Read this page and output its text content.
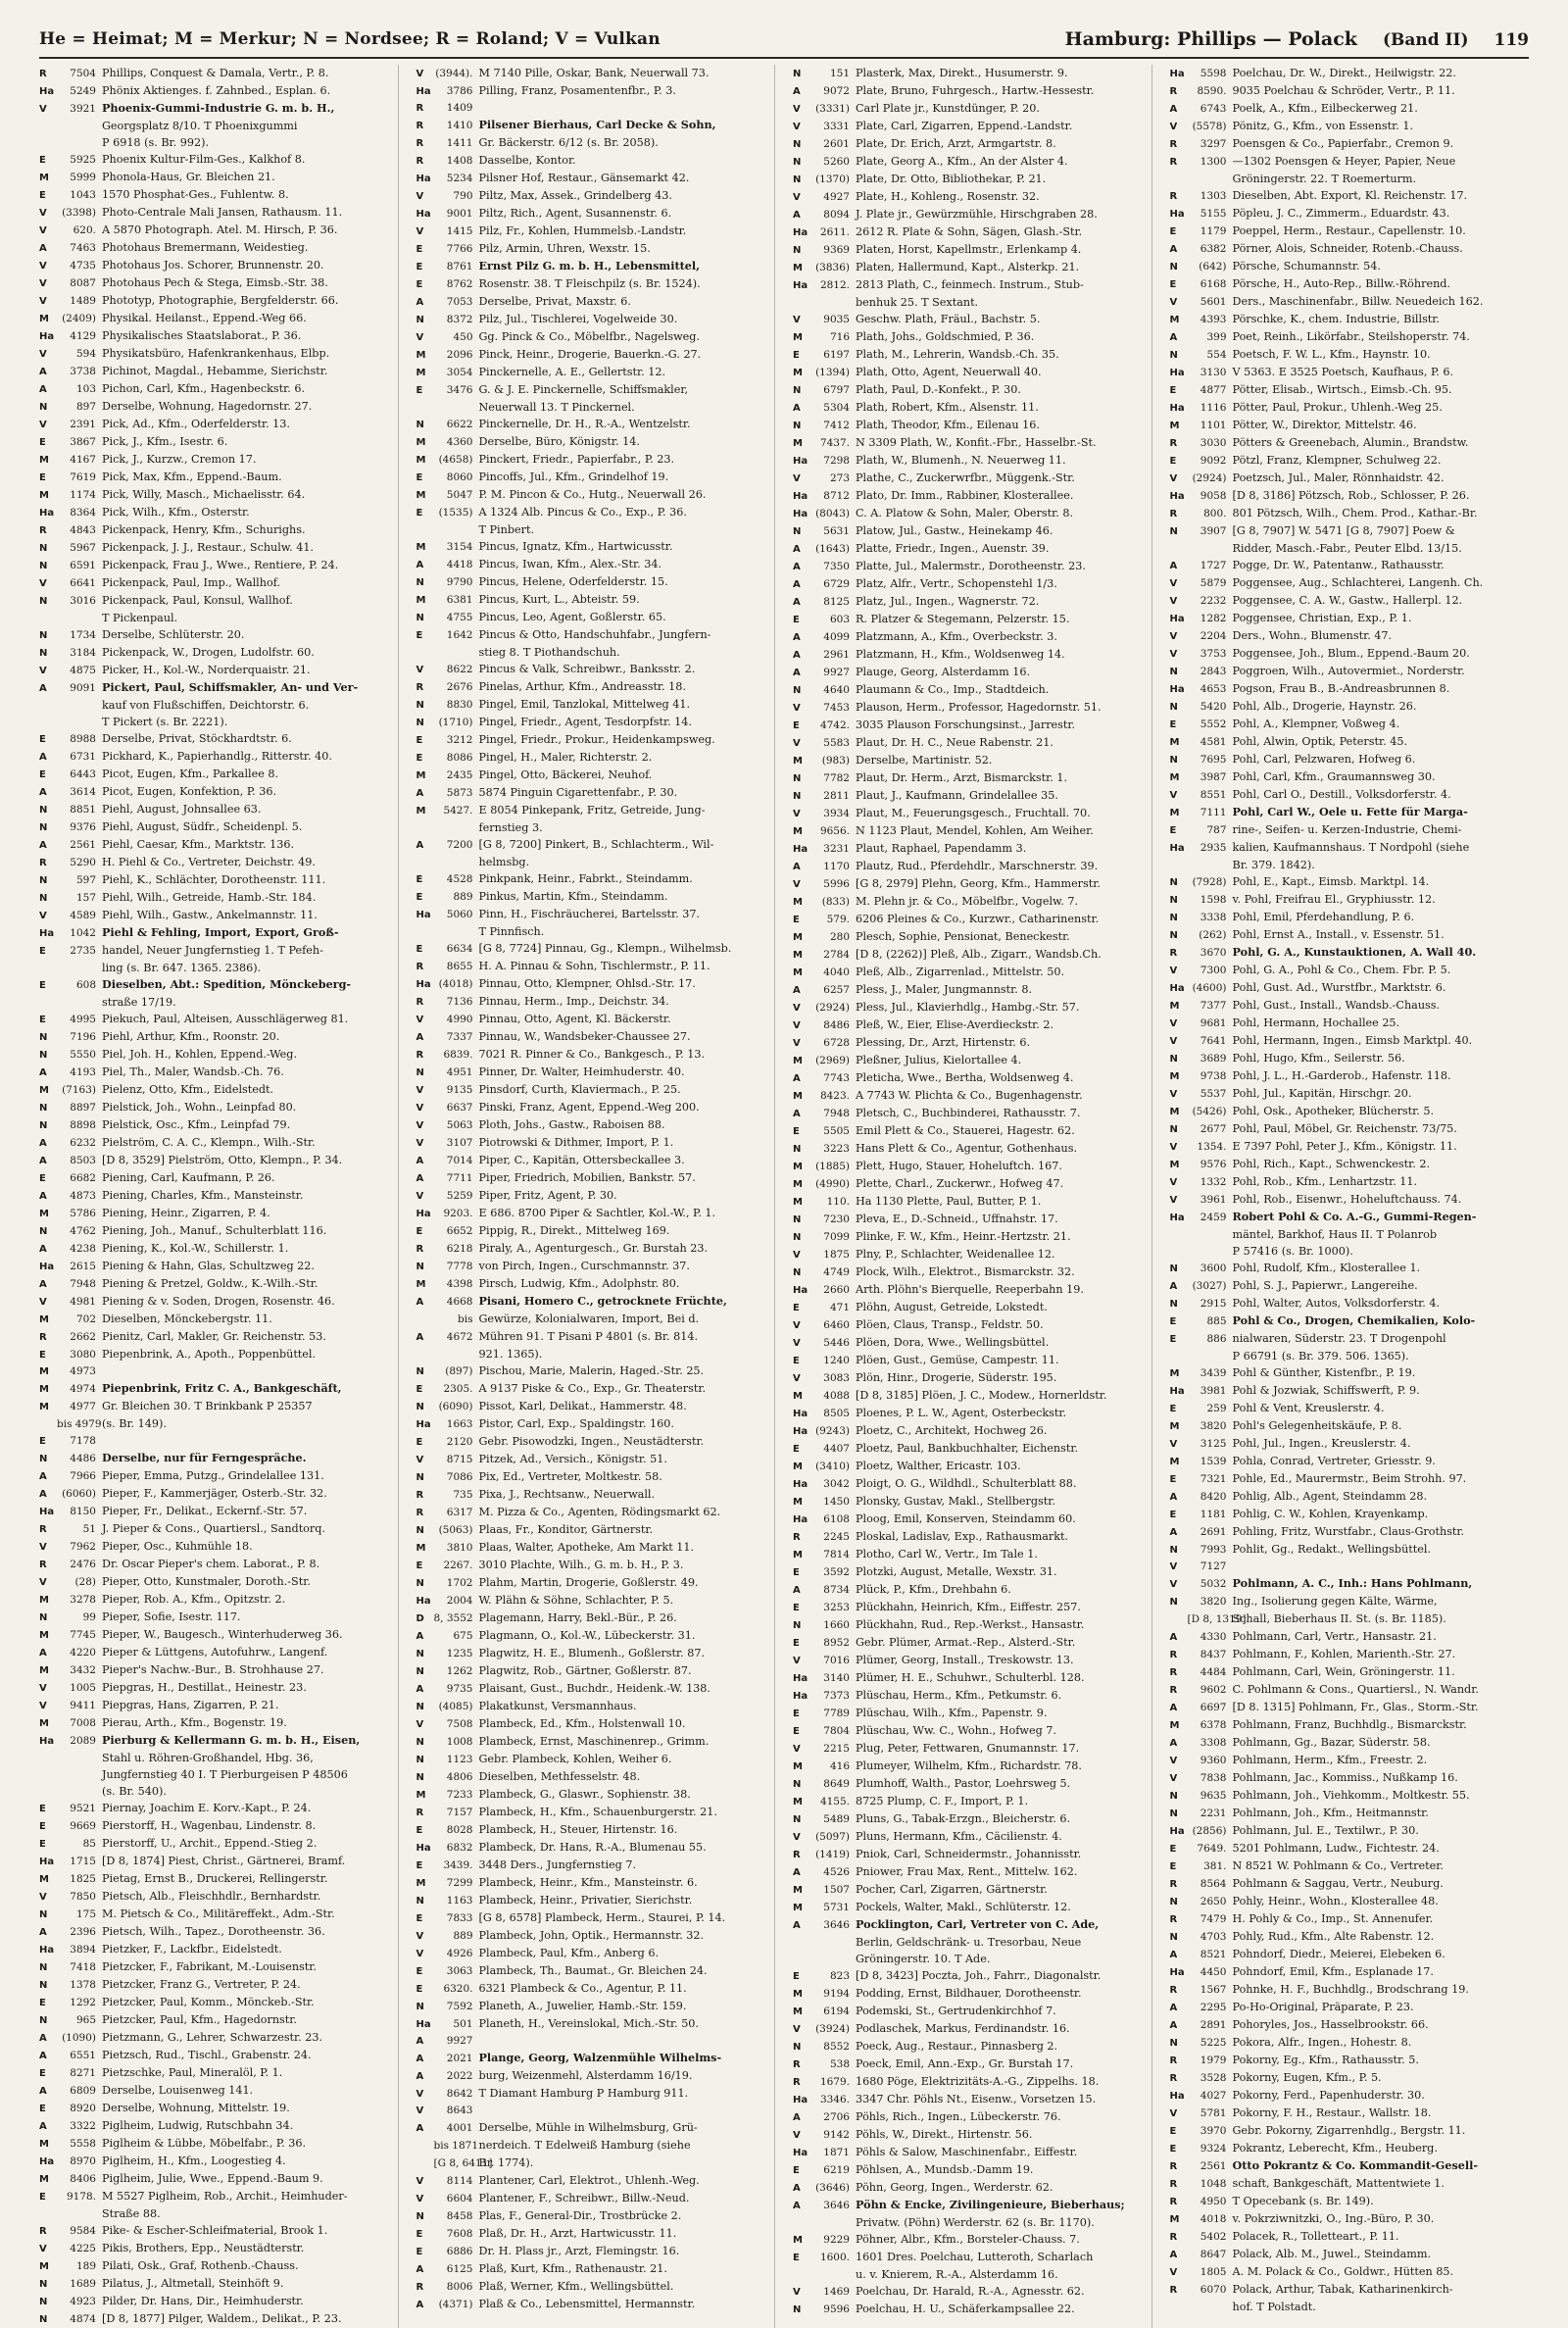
He = Heimat; M = Merkur; N = Nordsee; R = Roland; V = Vulkan	Hamburg: Phillips — Polack (Band II) 119
R	7504 Phillips, Conquest & Damala, Vertr., P. 8.
Ha	5249 Phönix Aktienges. f. Zahnbed., Esplan. 6.
V	3921 Phoenix-Gummi-Industrie G. m. b. H.,
Georgsplatz 8/10. T Phoenixgummi
P 6918 (s. Br. 992).
E	5925 Phoenix Kultur-Film-Ges., Kalkhof 8.
M	5999 Phonola-Haus, Gr. Bleichen 21.
E	1043 1570 Phosphat-Ges., Fuhlentw. 8.
V	(3398) Photo-Centrale Mali Jansen, Rathausm. 11.
V	620. A 5870 Photograph. Atel. M. Hirsch, P. 36.
A	7463 Photohaus Bremermann, Weidestieg.
V	4735 Photohaus Jos. Schorer, Brunnenstr. 20.
V	8087 Photohaus Pech & Stega, Eimsb.-Str. 38.
V	1489 Phototyp, Photographie, Bergfelderstr. 66.
M	(2409) Physikal. Heilanst., Eppend.-Weg 66.
Ha	4129 Physikalisches Staatslaborat., P. 36.
V	594 Physikatsbüro, Hafenkrankenhaus, Elbp.
A	3738 Pichinot, Magdal., Hebamme, Sierichstr.
A	103 Pichon, Carl, Kfm., Hagenbeckstr. 6.
N	897 Derselbe, Wohnung, Hagedornstr. 27.
V	2391 Pick, Ad., Kfm., Oderfelderstr. 13.
E	3867 Pick, J., Kfm., Isestr. 6.
M	4167 Pick, J., Kurzw., Cremon 17.
E	7619 Pick, Max, Kfm., Eppend.-Baum.
M	1174 Pick, Willy, Masch., Michaelisstr. 64.
Ha	8364 Pick, Wilh., Kfm., Osterstr.
R	4843 Pickenpack, Henry, Kfm., Schurighs.
N	5967 Pickenpack, J. J., Restaur., Schulw. 41.
N	6591 Pickenpack, Frau J., Wwe., Rentiere, P. 24.
V	6641 Pickenpack, Paul, Imp., Wallhof.
N	3016 Pickenpack, Paul, Konsul, Wallhof.
T Pickenpaul.
N	1734 Derselbe, Schlüterstr. 20.
N	3184 Pickenpack, W., Drogen, Ludolfstr. 60.
V	4875 Picker, H., Kol.-W., Norderquaistr. 21.
A	9091 Pickert, Paul, Schiffsmakler, An- und Ver-
kauf von Flußschiffen, Deichtorstr. 6.
T Pickert (s. Br. 2221).
E	8988 Derselbe, Privat, Stöckhardtstr. 6.
A	6731 Pickhard, K., Papierhandlg., Ritterstr. 40.
E	6443 Picot, Eugen, Kfm., Parkallee 8.
A	3614 Picot, Eugen, Konfektion, P. 36.
N	8851 Piehl, August, Johnsallee 63.
N	9376 Piehl, August, Südfr., Scheidenpl. 5.
A	2561 Piehl, Caesar, Kfm., Marktstr. 136.
R	5290 H. Piehl & Co., Vertreter, Deichstr. 49.
N	597 Piehl, K., Schlächter, Dorotheenstr. 111.
N	157 Piehl, Wilh., Getreide, Hamb.-Str. 184.
V	4589 Piehl, Wilh., Gastw., Ankelmannstr. 11.
Ha	1042 Piehl & Fehling, Import, Export, Groß-
E	2735 handel, Neuer Jungfernstieg 1. T Pefeh-
ling (s. Br. 647. 1365. 2386).
E	608 Dieselben, Abt.: Spedition, Mönckeberg-
straße 17/19.
E	4995 Piekuch, Paul, Alteisen, Ausschlägerweg 81.
N	7196 Piehl, Arthur, Kfm., Roonstr. 20.
N	5550 Piel, Joh. H., Kohlen, Eppend.-Weg.
A	4193 Piel, Th., Maler, Wandsb.-Ch. 76.
M	(7163) Pielenz, Otto, Kfm., Eidelstedt.
N	8897 Pielstick, Joh., Wohn., Leinpfad 80.
N	8898 Pielstick, Osc., Kfm., Leinpfad 79.
A	6232 Pielström, C. A. C., Klempn., Wilh.-Str.
A	8503 [D 8, 3529] Pielström, Otto, Klempn., P. 34.
E	6682 Piening, Carl, Kaufmann, P. 26.
A	4873 Piening, Charles, Kfm., Mansteinstr.
M	5786 Piening, Heinr., Zigarren, P. 4.
N	4762 Piening, Joh., Manuf., Schulterblatt 116.
A	4238 Piening, K., Kol.-W., Schillerstr. 1.
Ha	2615 Piening & Hahn, Glas, Schultzweg 22.
A	7948 Piening & Pretzel, Goldw., K.-Wilh.-Str.
V	4981 Piening & v. Soden, Drogen, Rosenstr. 46.
M	702 Dieselben, Mönckebergstr. 11.
R	2662 Pienitz, Carl, Makler, Gr. Reichenstr. 53.
E	3080 Piepenbrink, A., Apoth., Poppenbüttel.
M	4973
M	4974 Piepenbrink, Fritz C. A., Bankgeschäft,
M	4977 Gr. Bleichen 30. T Brinkbank P 25357
bis 4979 (s. Br. 149).
E	7178
N	4486 Derselbe, nur für Ferngespräche.
A	7966 Pieper, Emma, Putzg., Grindelallee 131.
A	(6060) Pieper, F., Kammerjäger, Osterb.-Str. 32.
Ha	8150 Pieper, Fr., Delikat., Eckernf.-Str. 57.
R	51 J. Pieper & Cons., Quartiersl., Sandtorq.
V	7962 Pieper, Osc., Kuhmühle 18.
R	2476 Dr. Oscar Pieper's chem. Laborat., P. 8.
V	(28) Pieper, Otto, Kunstmaler, Doroth.-Str.
M	3278 Pieper, Rob. A., Kfm., Opitzstr. 2.
N	99 Pieper, Sofie, Isestr. 117.
M	7745 Pieper, W., Baugesch., Winterhuderweg 36.
A	4220 Pieper & Lüttgens, Autofuhrw., Langenf.
M	3432 Pieper's Nachw.-Bur., B. Strohhause 27.
V	1005 Piepgras, H., Destillat., Heinestr. 23.
V	9411 Piepgras, Hans, Zigarren, P. 21.
M	7008 Pierau, Arth., Kfm., Bogenstr. 19.
Ha	2089 Pierburg & Kellermann G. m. b. H., Eisen,
Stahl u. Röhren-Großhandel, Hbg. 36,
Jungfernstieg 40 I. T Pierburgeisen P 48506
(s. Br. 540).
E	9521 Piernay, Joachim E. Korv.-Kapt., P. 24.
E	9669 Pierstorff, H., Wagenbau, Lindenstr. 8.
E	85 Pierstorff, U., Archit., Eppend.-Stieg 2.
Ha	1715 [D 8, 1874] Piest, Christ., Gärtnerei, Bramf.
M	1825 Pietag, Ernst B., Druckerei, Rellingerstr.
V	7850 Pietsch, Alb., Fleischhdlr., Bernhardstr.
N	175 M. Pietsch & Co., Militäreffekt., Adm.-Str.
A	2396 Pietsch, Wilh., Tapez., Dorotheenstr. 36.
Ha	3894 Pietzker, F., Lackfbr., Eidelstedt.
N	7418 Pietzcker, F., Fabrikant, M.-Louisenstr.
N	1378 Pietzcker, Franz G., Vertreter, P. 24.
E	1292 Pietzcker, Paul, Komm., Mönckeb.-Str.
N	965 Pietzcker, Paul, Kfm., Hagedornstr.
A	(1090) Pietzmann, G., Lehrer, Schwarzestr. 23.
A	6551 Pietzsch, Rud., Tischl., Grabenstr. 24.
E	8271 Pietzschke, Paul, Mineralöl, P. 1.
A	6809 Derselbe, Louisenweg 141.
E	8920 Derselbe, Wohnung, Mittelstr. 19.
A	3322 Piglheim, Ludwig, Rutschbahn 34.
M	5558 Piglheim & Lübbe, Möbelfabr., P. 36.
Ha	8970 Piglheim, H., Kfm., Loogestieg 4.
M	8406 Piglheim, Julie, Wwe., Eppend.-Baum 9.
E	9178. M 5527 Piglheim, Rob., Archit., Heimhuder-
Straße 88.
R	9584 Pike- & Escher-Schleifmaterial, Brook 1.
V	4225 Pikis, Brothers, Epp., Neustädterstr.
M	189 Pilati, Osk., Graf, Rothenb.-Chauss.
N	1689 Pilatus, J., Altmetall, Steinhöft 9.
N	4923 Pilder, Dr. Hans, Dir., Heimhuderstr.
N	4874 [D 8, 1877] Pilger, Waldem., Delikat., P. 23.
V	(3944). M 7140 Pille, Oskar, Bank, Neuerwall 73.
Ha	3786 Pilling, Franz, Posamentenfbr., P. 3.
R	1409
R	1410 Pilsener Bierhaus, Carl Decke & Sohn,
R	1411 Gr. Bäckerstr. 6/12 (s. Br. 2058).
R	1408 Dasselbe, Kontor.
Ha	5234 Pilsner Hof, Restaur., Gänsemarkt 42.
V	790 Piltz, Max, Assek., Grindelberg 43.
Ha	9001 Piltz, Rich., Agent, Susannenstr. 6.
V	1415 Pilz, Fr., Kohlen, Hummelsb.-Landstr.
E	7766 Pilz, Armin, Uhren, Wexstr. 15.
E	8761 Ernst Pilz G. m. b. H., Lebensmittel,
E	8762 Rosenstr. 38. T Fleischpilz (s. Br. 1524).
A	7053 Derselbe, Privat, Maxstr. 6.
N	8372 Pilz, Jul., Tischlerei, Vogelweide 30.
V	450 Gg. Pinck & Co., Möbelfbr., Nagelsweg.
M	2096 Pinck, Heinr., Drogerie, Bauerkn.-G. 27.
M	3054 Pinckernelle, A. E., Gellertstr. 12.
E	3476 G. & J. E. Pinckernelle, Schiffsmakler,
Neuerwall 13. T Pinckernel.
N	6622 Pinckernelle, Dr. H., R.-A., Wentzelstr.
M	4360 Derselbe, Büro, Königstr. 14.
M	(4658) Pinckert, Friedr., Papierfabr., P. 23.
E	8060 Pincoffs, Jul., Kfm., Grindelhof 19.
M	5047 P. M. Pincon & Co., Hutg., Neuerwall 26.
E	(1535) A 1324 Alb. Pincus & Co., Exp., P. 36.
T Pinbert.
M	3154 Pincus, Ignatz, Kfm., Hartwicusstr.
A	4418 Pincus, Iwan, Kfm., Alex.-Str. 34.
N	9790 Pincus, Helene, Oderfelderstr. 15.
M	6381 Pincus, Kurt, L., Abteistr. 59.
N	4755 Pincus, Leo, Agent, Goßlerstr. 65.
E	1642 Pincus & Otto, Handschuhfabr., Jungfern-
stieg 8. T Piothandschuh.
V	8622 Pincus & Valk, Schreibwr., Banksstr. 2.
R	2676 Pinelas, Arthur, Kfm., Andreasstr. 18.
N	8830 Pingel, Emil, Tanzlokal, Mittelweg 41.
N	(1710) Pingel, Friedr., Agent, Tesdorpfstr. 14.
E	3212 Pingel, Friedr., Prokur., Heidenkampsweg.
E	8086 Pingel, H., Maler, Richterstr. 2.
M	2435 Pingel, Otto, Bäckerei, Neuhof.
A	5873 5874 Pinguin Cigarettenfabr., P. 30.
M	5427. E 8054 Pinkepank, Fritz, Getreide, Jung-
fernstieg 3.
A	7200 [G 8, 7200] Pinkert, B., Schlachterm., Wil-
helmsbg.
E	4528 Pinkpank, Heinr., Fabrkt., Steindamm.
E	889 Pinkus, Martin, Kfm., Steindamm.
Ha	5060 Pinn, H., Fischräucherei, Bartelsstr. 37.
T Pinnfisch.
E	6634 [G 8, 7724] Pinnau, Gg., Klempn., Wilhelmsb.
R	8655 H. A. Pinnau & Sohn, Tischlermstr., P. 11.
Ha (4018) Pinnau, Otto, Klempner, Ohlsd.-Str. 17.
R	7136 Pinnau, Herm., Imp., Deichstr. 34.
V	4990 Pinnau, Otto, Agent, Kl. Bäckerstr.
A	7337 Pinnau, W., Wandsbeker-Chaussee 27.
R	6839. 7021 R. Pinner & Co., Bankgesch., P. 13.
N	4951 Pinner, Dr. Walter, Heimhuderstr. 40.
V	9135 Pinsdorf, Curth, Klaviermach., P. 25.
V	6637 Pinski, Franz, Agent, Eppend.-Weg 200.
V	5063 Ploth, Johs., Gastw., Raboisen 88.
V	3107 Piotrowski & Dithmer, Import, P. 1.
A	7014 Piper, C., Kapitän, Ottersbeckallee 3.
A	7711 Piper, Friedrich, Mobilien, Bankstr. 57.
V	5259 Piper, Fritz, Agent, P. 30.
Ha	9203. E 686. 8700 Piper & Sachtler, Kol.-W., P. 1.
E	6652 Pippig, R., Direkt., Mittelweg 169.
R	6218 Piraly, A., Agenturgesch., Gr. Burstah 23.
N	7778 von Pirch, Ingen., Curschmannstr. 37.
M	4398 Pirsch, Ludwig, Kfm., Adolphstr. 80.
A	4668 Pisani, Homero C., getrocknete Früchte,
bis Gewürze, Kolonialwaren, Import, Bei d.
A	4672 Mühren 91. T Pisani P 4801 (s. Br. 814.
921. 1365).
N	(897) Pischou, Marie, Malerin, Haged.-Str. 25.
E	2305. A 9137 Piske & Co., Exp., Gr. Theaterstr.
N	(6090) Pissot, Karl, Delikat., Hammerstr. 48.
Ha	1663 Pistor, Carl, Exp., Spaldingstr. 160.
E	2120 Gebr. Pisowodzki, Ingen., Neustädterstr.
V	8715 Pitzek, Ad., Versich., Königstr. 51.
N	7086 Pix, Ed., Vertreter, Moltkestr. 58.
R	735 Pixa, J., Rechtsanw., Neuerwall.
R	6317 M. Pizza & Co., Agenten, Rödingsmarkt 62.
N	(5063) Plaas, Fr., Konditor, Gärtnerstr.
M	3810 Plaas, Walter, Apotheke, Am Markt 11.
E	2267. 3010 Plachte, Wilh., G. m. b. H., P. 3.
N	1702 Plahm, Martin, Drogerie, Goßlerstr. 49.
Ha	2004 W. Plähn & Söhne, Schlachter, P. 5.
D 8, 3552 Plagemann, Harry, Bekl.-Bür., P. 26.
A	675 Plagmann, O., Kol.-W., Lübeckerstr. 31.
N	1235 Plagwitz, H. E., Blumenh., Goßlerstr. 87.
N	1262 Plagwitz, Rob., Gärtner, Goßlerstr. 87.
A	9735 Plaisant, Gust., Buchdr., Heidenk.-W. 138.
N	(4085) Plakatkunst, Versmannhaus.
V	7508 Plambeck, Ed., Kfm., Holstenwall 10.
N	1008 Plambeck, Ernst, Maschinenrep., Grimm.
N	1123 Gebr. Plambeck, Kohlen, Weiher 6.
N	4806 Dieselben, Methfesselstr. 48.
M	7233 Plambeck, G., Glaswr., Sophienstr. 38.
R	7157 Plambeck, H., Kfm., Schauenburgerstr. 21.
E	8028 Plambeck, H., Steuer, Hirtenstr. 16.
Ha	6832 Plambeck, Dr. Hans, R.-A., Blumenau 55.
E	3439. 3448 Ders., Jungfernstieg 7.
M	7299 Plambeck, Heinr., Kfm., Mansteinstr. 6.
N	1163 Plambeck, Heinr., Privatier, Sierichstr.
E	7833 [G 8, 6578] Plambeck, Herm., Staurei, P. 14.
V	889 Plambeck, John, Optik., Hermannstr. 32.
V	4926 Plambeck, Paul, Kfm., Anberg 6.
E	3063 Plambeck, Th., Baumat., Gr. Bleichen 24.
E	6320. 6321 Plambeck & Co., Agentur, P. 11.
N	7592 Planeth, A., Juwelier, Hamb.-Str. 159.
Ha	501 Planeth, H., Vereinslokal, Mich.-Str. 50.
A	9927
A	2021 Plange, Georg, Walzenmühle Wilhelms-
A	2022 burg, Weizenmehl, Alsterdamm 16/19.
V	8642 T Diamant Hamburg P Hamburg 911.
V	8643
A	4001 Derselbe, Mühle in Wilhelmsburg, Grü-
bis 1871 nerdeich. T Edelweiß Hamburg (siehe
[G 8, 6411]
Br. 1774).
V	8114 Plantener, Carl, Elektrot., Uhlenh.-Weg.
V	6604 Plantener, F., Schreibwr., Billw.-Neud.
N	8458 Plas, F., General-Dir., Trostbrücke 2.
E	7608 Plaß, Dr. H., Arzt, Hartwicusstr. 11.
E	6886 Dr. H. Plass jr., Arzt, Flemingstr. 16.
A	6125 Plaß, Kurt, Kfm., Rathenaustr. 21.
R	8006 Plaß, Werner, Kfm., Wellingsbüttel.
A	(4371) Plaß & Co., Lebensmittel, Hermannstr.
N	151 Plasterk, Max, Direkt., Husumerstr. 9.
A	9072 Plate, Bruno, Fuhrgesch., Hartw.-Hessestr.
V	(3331) Carl Plate jr., Kunstdünger, P. 20.
V	3331 Plate, Carl, Zigarren, Eppend.-Landstr.
N	2601 Plate, Dr. Erich, Arzt, Armgartstr. 8.
N	5260 Plate, Georg A., Kfm., An der Alster 4.
N	(1370) Plate, Dr. Otto, Bibliothekar, P. 21.
V	4927 Plate, H., Kohleng., Rosenstr. 32.
A	8094 J. Plate jr., Gewürzmühle, Hirschgraben 28.
Ha	2611. 2612 R. Plate & Sohn, Sägen, Glash.-Str.
N	9369 Platen, Horst, Kapellmstr., Erlenkamp 4.
M	(3836) Platen, Hallermund, Kapt., Alsterkp. 21.
Ha	2812. 2813 Plath, C., feinmech. Instrum., Stub-
benhuk 25. T Sextant.
V	9035 Geschw. Plath, Fräul., Bachstr. 5.
M	716 Plath, Johs., Goldschmied, P. 36.
E	6197 Plath, M., Lehrerin, Wandsb.-Ch. 35.
M	(1394) Plath, Otto, Agent, Neuerwall 40.
N	6797 Plath, Paul, D.-Konfekt., P. 30.
A	5304 Plath, Robert, Kfm., Alsenstr. 11.
N	7412 Plath, Theodor, Kfm., Eilenau 16.
M	7437. N 3309 Plath, W., Konfit.-Fbr., Hasselbr.-St.
Ha	7298 Plath, W., Blumenh., N. Neuerweg 11.
V	273 Plathe, C., Zuckerwrfbr., Müggenk.-Str.
Ha	8712 Plato, Dr. Imm., Rabbiner, Klosterallee.
Ha (8043) C. A. Platow & Sohn, Maler, Oberstr. 8.
N	5631 Platow, Jul., Gastw., Heinekamp 46.
A	(1643) Platte, Friedr., Ingen., Auenstr. 39.
A	7350 Platte, Jul., Malermstr., Dorotheenstr. 23.
A	6729 Platz, Alfr., Vertr., Schopenstehl 1/3.
A	8125 Platz, Jul., Ingen., Wagnerstr. 72.
E	603 R. Platzer & Stegemann, Pelzerstr. 15.
A	4099 Platzmann, A., Kfm., Overbeckstr. 3.
A	2961 Platzmann, H., Kfm., Woldsenweg 14.
A	9927 Plauge, Georg, Alsterdamm 16.
N	4640 Plaumann & Co., Imp., Stadtdeich.
V	7453 Plauson, Herm., Professor, Hagedornstr. 51.
E	4742. 3035 Plauson Forschungsinst., Jarrestr.
V	5583 Plaut, Dr. H. C., Neue Rabenstr. 21.
M	(983) Derselbe, Martinistr. 52.
N	7782 Plaut, Dr. Herm., Arzt, Bismarckstr. 1.
N	2811 Plaut, J., Kaufmann, Grindelallee 35.
V	3934 Plaut, M., Feuerungsgesch., Fruchtall. 70.
M	9656. N 1123 Plaut, Mendel, Kohlen, Am Weiher.
Ha	3231 Plaut, Raphael, Papendamm 3.
A	1170 Plautz, Rud., Pferdehdlr., Marschnerstr. 39.
V	5996 [G 8, 2979] Plehn, Georg, Kfm., Hammerstr.
M	(833) M. Plehn jr. & Co., Möbelfbr., Vogelw. 7.
E	579. 6206 Pleines & Co., Kurzwr., Catharinenstr.
M	280 Plesch, Sophie, Pensionat, Beneckestr.
M	2784 [D 8, (2262)] Pleß, Alb., Zigarr., Wandsb.Ch.
M	4040 Pleß, Alb., Zigarrenlad., Mittelstr. 50.
A	6257 Pless, J., Maler, Jungmannstr. 8.
V	(2924) Pless, Jul., Klavierhdlg., Hambg.-Str. 57.
V	8486 Pleß, W., Eier, Elise-Averdieckstr. 2.
V	6728 Plessing, Dr., Arzt, Hirtenstr. 6.
M	(2969) Pleßner, Julius, Kielortallee 4.
A	7743 Pleticha, Wwe., Bertha, Woldsenweg 4.
M	8423. A 7743 W. Plichta & Co., Bugenhagenstr.
A	7948 Pletsch, C., Buchbinderei, Rathausstr. 7.
E	5505 Emil Plett & Co., Stauerei, Hagestr. 62.
N	3223 Hans Plett & Co., Agentur, Gothenhaus.
M	(1885) Plett, Hugo, Stauer, Hoheluftch. 167.
M	(4990) Plette, Charl., Zuckerwr., Hofweg 47.
M	110. Ha 1130 Plette, Paul, Butter, P. 1.
N	7230 Pleva, E., D.-Schneid., Uffnahstr. 17.
N	7099 Plinke, F. W., Kfm., Heinr.-Hertzstr. 21.
V	1875 Plny, P., Schlachter, Weidenallee 12.
N	4749 Plock, Wilh., Elektrot., Bismarckstr. 32.
Ha	2660 Arth. Plöhn's Bierquelle, Reeperbahn 19.
E	471 Plöhn, August, Getreide, Lokstedt.
V	6460 Plöen, Claus, Transp., Feldstr. 50.
V	5446 Plöen, Dora, Wwe., Wellingsbüttel.
E	1240 Plöen, Gust., Gemüse, Campestr. 11.
V	3083 Plön, Hinr., Drogerie, Süderstr. 195.
M	4088 [D 8, 3185] Plöen, J. C., Modew., Hornerldstr.
Ha	8505 Ploenes, P. L. W., Agent, Osterbeckstr.
Ha (9243) Ploetz, C., Architekt, Hochweg 26.
E	4407 Ploetz, Paul, Bankbuchhalter, Eichenstr.
M	(3410) Ploetz, Walther, Ericastr. 103.
Ha	3042 Ploigt, O. G., Wildhdl., Schulterblatt 88.
M	1450 Plonsky, Gustav, Makl., Stellbergstr.
Ha	6108 Ploog, Emil, Konserven, Steindamm 60.
R	2245 Ploskal, Ladislav, Exp., Rathausmarkt.
M	7814 Plotho, Carl W., Vertr., Im Tale 1.
E	3592 Plotzki, August, Metalle, Wexstr. 31.
A	8734 Plück, P., Kfm., Drehbahn 6.
E	3253 Plückhahn, Heinrich, Kfm., Eiffestr. 257.
N	1660 Plückhahn, Rud., Rep.-Werkst., Hansastr.
E	8952 Gebr. Plümer, Armat.-Rep., Alsterd.-Str.
V	7016 Plümer, Georg, Install., Treskowstr. 13.
Ha	3140 Plümer, H. E., Schuhwr., Schulterbl. 128.
Ha	7373 Plüschau, Herm., Kfm., Petkumstr. 6.
E	7789 Plüschau, Wilh., Kfm., Papenstr. 9.
E	7804 Plüschau, Ww. C., Wohn., Hofweg 7.
V	2215 Plug, Peter, Fettwaren, Gnumannstr. 17.
M	416 Plumeyer, Wilhelm, Kfm., Richardstr. 78.
N	8649 Plumhoff, Walth., Pastor, Loehrsweg 5.
M	4155. 8725 Plump, C. F., Import, P. 1.
N	5489 Pluns, G., Tabak-Erzgn., Bleicherstr. 6.
V	(5097) Pluns, Hermann, Kfm., Cäcilienstr. 4.
R	(1419) Pniok, Carl, Schneidermstr., Johannisstr.
A	4526 Pniower, Frau Max, Rent., Mittelw. 162.
M	1507 Pocher, Carl, Zigarren, Gärtnerstr.
M	5731 Pockels, Walter, Makl., Schlüterstr. 12.
A	3646 Pocklington, Carl, Vertreter von C. Ade,
Berlin, Geldschränk- u. Tresorbau, Neue
Gröningerstr. 10. T Ade.
E	823 [D 8, 3423] Poczta, Joh., Fahrr., Diagonalstr.
M	9194 Podding, Ernst, Bildhauer, Dorotheenstr.
M	6194 Podemski, St., Gertrudenkirchhof 7.
V	(3924) Podlaschek, Markus, Ferdinandstr. 16.
N	8552 Poeck, Aug., Restaur., Pinnasberg 2.
R	538 Poeck, Emil, Ann.-Exp., Gr. Burstah 17.
R	1679. 1680 Pöge, Elektrizitäts-A.-G., Zippelhs. 18.
Ha	3346. 3347 Chr. Pöhls Nt., Eisenw., Vorsetzen 15.
A	2706 Pöhls, Rich., Ingen., Lübeckerstr. 76.
V	9142 Pöhls, W., Direkt., Hirtenstr. 56.
Ha	1871 Pöhls & Salow, Maschinenfabr., Eiffestr.
E	6219 Pöhlsen, A., Mundsb.-Damm 19.
A	(3646) Pöhn, Georg, Ingen., Werderstr. 62.
A	3646 Pöhn & Encke, Zivilingenieure, Bieberhaus;
Privatw. (Pöhn) Werderstr. 62 (s. Br. 1170).
M	9229 Pöhner, Albr., Kfm., Borsteler-Chauss. 7.
E	1600. 1601 Dres. Poelchau, Lutteroth, Scharlach
u. v. Knierem, R.-A., Alsterdamm 16.
V	1469 Poelchau, Dr. Harald, R.-A., Agnesstr. 62.
N	9596 Poelchau, H. U., Schäferkampsallee 22.
Ha	5598 Poelchau, Dr. W., Direkt., Heilwigstr. 22.
R	8590. 9035 Poelchau & Schröder, Vertr., P. 11.
A	6743 Poelk, A., Kfm., Eilbeckerweg 21.
V	(5578) Pönitz, G., Kfm., von Essenstr. 1.
R	3297 Poensgen & Co., Papierfabr., Cremon 9.
R	1300 —1302 Poensgen & Heyer, Papier, Neue
Gröningerstr. 22. T Roemerturm.
R	1303 Dieselben, Abt. Export, Kl. Reichenstr. 17.
Ha	5155 Pöpleu, J. C., Zimmerm., Eduardstr. 43.
E	1179 Poeppel, Herm., Restaur., Capellenstr. 10.
A	6382 Pörner, Alois, Schneider, Rotenb.-Chauss.
N	(642) Pörsche, Schumannstr. 54.
E	6168 Pörsche, H., Auto-Rep., Billw.-Röhrend.
V	5601 Ders., Maschinenfabr., Billw. Neuedeich 162.
M	4393 Pörschke, K., chem. Industrie, Billstr.
A	399 Poet, Reinh., Likörfabr., Steilshoperstr. 74.
N	554 Poetsch, F. W. L., Kfm., Haynstr. 10.
Ha	3130 V 5363. E 3525 Poetsch, Kaufhaus, P. 6.
E	4877 Pötter, Elisab., Wirtsch., Eimsb.-Ch. 95.
Ha	1116 Pötter, Paul, Prokur., Uhlenh.-Weg 25.
M	1101 Pötter, W., Direktor, Mittelstr. 46.
R	3030 Pötters & Greenebach, Alumin., Brandstw.
E	9092 Pötzl, Franz, Klempner, Schulweg 22.
V	(2924) Poetzsch, Jul., Maler, Rönnhaidstr. 42.
Ha	9058 [D 8, 3186] Pötzsch, Rob., Schlosser, P. 26.
R	800. 801 Pötzsch, Wilh., Chem. Prod., Kathar.-Br.
N	3907 [G 8, 7907] W. 5471 [G 8, 7907] Poew &
Ridder, Masch.-Fabr., Peuter Elbd. 13/15.
A	1727 Pogge, Dr. W., Patentanw., Rathausstr.
V	5879 Poggensee, Aug., Schlachterei, Langenh. Ch.
V	2232 Poggensee, C. A. W., Gastw., Hallerpl. 12.
Ha	1282 Poggensee, Christian, Exp., P. 1.
V	2204 Ders., Wohn., Blumenstr. 47.
V	3753 Poggensee, Joh., Blum., Eppend.-Baum 20.
N	2843 Poggroen, Wilh., Autovermiet., Norderstr.
Ha	4653 Pogson, Frau B., B.-Andreasbrunnen 8.
N	5420 Pohl, Alb., Drogerie, Haynstr. 26.
E	5552 Pohl, A., Klempner, Voßweg 4.
M	4581 Pohl, Alwin, Optik, Peterstr. 45.
N	7695 Pohl, Carl, Pelzwaren, Hofweg 6.
M	3987 Pohl, Carl, Kfm., Graumannsweg 30.
V	8551 Pohl, Carl O., Destill., Volksdorferstr. 4.
M	7111 Pohl, Carl W., Oele u. Fette für Marga-
E	787 rine-, Seifen- u. Kerzen-Industrie, Chemi-
Ha	2935 kalien, Kaufmannshaus. T Nordpohl (siehe
Br. 379. 1842).
N	(7928) Pohl, E., Kapt., Eimsb. Marktpl. 14.
N	1598 v. Pohl, Freifrau El., Gryphiusstr. 12.
N	3338 Pohl, Emil, Pferdehandlung, P. 6.
N	(262) Pohl, Ernst A., Install., v. Essenstr. 51.
R	3670 Pohl, G. A., Kunstauktionen, A. Wall 40.
V	7300 Pohl, G. A., Pohl & Co., Chem. Fbr. P. 5.
Ha (4600) Pohl, Gust. Ad., Wurstfbr., Marktstr. 6.
M	7377 Pohl, Gust., Install., Wandsb.-Chauss.
V	9681 Pohl, Hermann, Hochallee 25.
V	7641 Pohl, Hermann, Ingen., Eimsb Marktpl. 40.
N	3689 Pohl, Hugo, Kfm., Seilerstr. 56.
M	9738 Pohl, J. L., H.-Garderob., Hafenstr. 118.
V	5537 Pohl, Jul., Kapitän, Hirschgr. 20.
M	(5426) Pohl, Osk., Apotheker, Blücherstr. 5.
N	2677 Pohl, Paul, Möbel, Gr. Reichenstr. 73/75.
V	1354. E 7397 Pohl, Peter J., Kfm., Königstr. 11.
M	9576 Pohl, Rich., Kapt., Schwenckestr. 2.
V	1332 Pohl, Rob., Kfm., Lenhartzstr. 11.
V	3961 Pohl, Rob., Eisenwr., Hoheluftchauss. 74.
Ha	2459 Robert Pohl & Co. A.-G., Gummi-Regen-
mäntel, Barkhof, Haus II. T Polanrob
P 57416 (s. Br. 1000).
N	3600 Pohl, Rudolf, Kfm., Klosterallee 1.
A	(3027) Pohl, S. J., Papierwr., Langereihe.
N	2915 Pohl, Walter, Autos, Volksdorferstr. 4.
E	885 Pohl & Co., Drogen, Chemikalien, Kolo-
E	886 nialwaren, Süderstr. 23. T Drogenpohl
P 66791 (s. Br. 379. 506. 1365).
M	3439 Pohl & Günther, Kistenfbr., P. 19.
Ha	3981 Pohl & Jozwiak, Schiffswerft, P. 9.
E	259 Pohl & Vent, Kreuslerstr. 4.
M	3820 Pohl's Gelegenheitskäufe, P. 8.
V	3125 Pohl, Jul., Ingen., Kreuslerstr. 4.
M	1539 Pohla, Conrad, Vertreter, Griesstr. 9.
E	7321 Pohle, Ed., Maurermstr., Beim Strohh. 97.
A	8420 Pohlig, Alb., Agent, Steindamm 28.
E	1181 Pohlig, C. W., Kohlen, Krayenkamp.
A	2691 Pohling, Fritz, Wurstfabr., Claus-Grothstr.
N	7993 Pohlit, Gg., Redakt., Wellingsbüttel.
V	7127
V	5032 Pohlmann, A. C., Inh.: Hans Pohlmann,
N	3820 Ing., Isolierung gegen Kälte, Wärme,
[D 8, 1319]
Schall, Bieberhaus II. St. (s. Br. 1185).
A	4330 Pohlmann, Carl, Vertr., Hansastr. 21.
R	8437 Pohlmann, F., Kohlen, Marienth.-Str. 27.
R	4484 Pohlmann, Carl, Wein, Gröningerstr. 11.
R	9602 C. Pohlmann & Cons., Quartiersl., N. Wandr.
A	6697 [D 8. 1315] Pohlmann, Fr., Glas., Storm.-Str.
M	6378 Pohlmann, Franz, Buchhdlg., Bismarckstr.
A	3308 Pohlmann, Gg., Bazar, Süderstr. 58.
V	9360 Pohlmann, Herm., Kfm., Freestr. 2.
V	7838 Pohlmann, Jac., Kommiss., Nußkamp 16.
N	9635 Pohlmann, Joh., Viehkomm., Moltkestr. 55.
N	2231 Pohlmann, Joh., Kfm., Heitmannstr.
Ha (2856) Pohlmann, Jul. E., Textilwr., P. 30.
E	7649. 5201 Pohlmann, Ludw., Fichtestr. 24.
E	381. N 8521 W. Pohlmann & Co., Vertreter.
R	8564 Pohlmann & Saggau, Vertr., Neuburg.
N	2650 Pohly, Heinr., Wohn., Klosterallee 48.
R	7479 H. Pohly & Co., Imp., St. Annenufer.
N	4703 Pohly, Rud., Kfm., Alte Rabenstr. 12.
A	8521 Pohndorf, Diedr., Meierei, Elebeken 6.
Ha	4450 Pohndorf, Emil, Kfm., Esplanade 17.
R	1567 Pohnke, H. F., Buchhdlg., Brodschrang 19.
A	2295 Po-Ho-Original, Präparate, P. 23.
A	2891 Pohoryles, Jos., Hasselbrookstr. 66.
N	5225 Pokora, Alfr., Ingen., Hohestr. 8.
R	1979 Pokorny, Eg., Kfm., Rathausstr. 5.
R	3528 Pokorny, Eugen, Kfm., P. 5.
Ha	4027 Pokorny, Ferd., Papenhuderstr. 30.
V	5781 Pokorny, F. H., Restaur., Wallstr. 18.
E	3970 Gebr. Pokorny, Zigarrenhdlg., Bergstr. 11.
E	9324 Pokrantz, Leberecht, Kfm., Heuberg.
R	2561 Otto Pokrantz & Co. Kommandit-Gesell-
R	1048 schaft, Bankgeschäft, Mattentwiete 1.
R	4950 T Opecebank (s. Br. 149).
M	4018 v. Pokrziwnitzki, O., Ing.-Büro, P. 30.
R	5402 Polacek, R., Tolletteart., P. 11.
A	8647 Polack, Alb. M., Juwel., Steindamm.
V	1805 A. M. Polack & Co., Goldwr., Hütten 85.
R	6070 Polack, Arthur, Tabak, Katharinenkirch-
hof. T Polstadt.
